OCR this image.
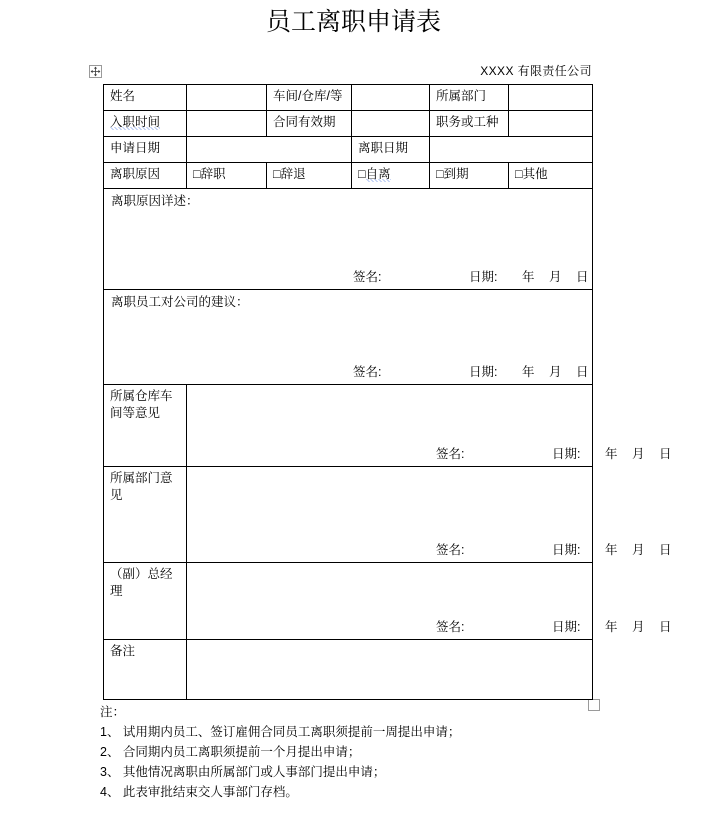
员工离职申请表
XXXX 有限责任公司
姓名		车间/仓库/等		所属部门	
入职时间		合同有效期		职务或工种	
申请日期			离职日期		
离职原因	□辞职	□辞退	□自离	□到期	□其他

离职原因详述：
签名:	日期: 年 月 日

离职员工对公司的建议：
签名:	日期: 年 月 日

所属仓库车间等意见	签名: 日期: 年 月 日				

所属部门意见	签名: 日期: 年 月 日				

（副）总经理	签名: 日期: 年 月 日				

备注					
注：
1、 试用期内员工、签订雇佣合同员工离职须提前一周提出申请；
2、 合同期内员工离职须提前一个月提出申请；
3、 其他情况离职由所属部门或人事部门提出申请；
4、 此表审批结束交人事部门存档。
